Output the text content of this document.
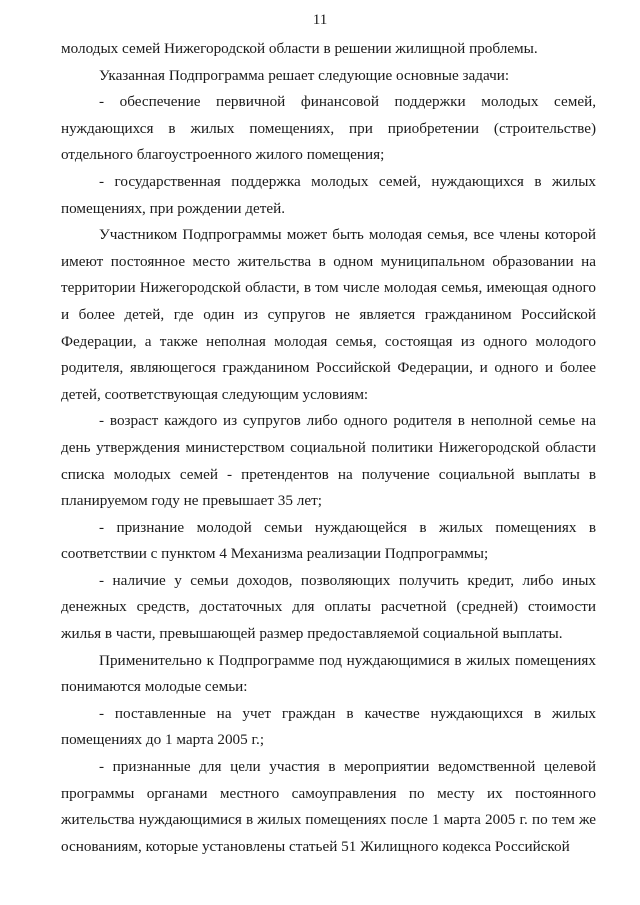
11

молодых семей Нижегородской области в решении жилищной проблемы.

Указанная Подпрограмма решает следующие основные задачи:

- обеспечение первичной финансовой поддержки молодых семей, нуждающихся в жилых помещениях, при приобретении (строительстве) отдельного благоустроенного жилого помещения;

- государственная поддержка молодых семей, нуждающихся в жилых помещениях, при рождении детей.

Участником Подпрограммы может быть молодая семья, все члены которой имеют постоянное место жительства в одном муниципальном образовании на территории Нижегородской области, в том числе молодая семья, имеющая одного и более детей, где один из супругов не является гражданином Российской Федерации, а также неполная молодая семья, состоящая из одного молодого родителя, являющегося гражданином Российской Федерации, и одного и более детей, соответствующая следующим условиям:

- возраст каждого из супругов либо одного родителя в неполной семье на день утверждения министерством социальной политики Нижегородской области списка молодых семей - претендентов на получение социальной выплаты в планируемом году не превышает 35 лет;

- признание молодой семьи нуждающейся в жилых помещениях в соответствии с пунктом 4 Механизма реализации Подпрограммы;

- наличие у семьи доходов, позволяющих получить кредит, либо иных денежных средств, достаточных для оплаты расчетной (средней) стоимости жилья в части, превышающей размер предоставляемой социальной выплаты.

Применительно к Подпрограмме под нуждающимися в жилых помещениях понимаются молодые семьи:

- поставленные на учет граждан в качестве нуждающихся в жилых помещениях до 1 марта 2005 г.;

- признанные для цели участия в мероприятии ведомственной целевой программы органами местного самоуправления по месту их постоянного жительства нуждающимися в жилых помещениях после 1 марта 2005 г. по тем же основаниям, которые установлены статьей 51 Жилищного кодекса Российской
